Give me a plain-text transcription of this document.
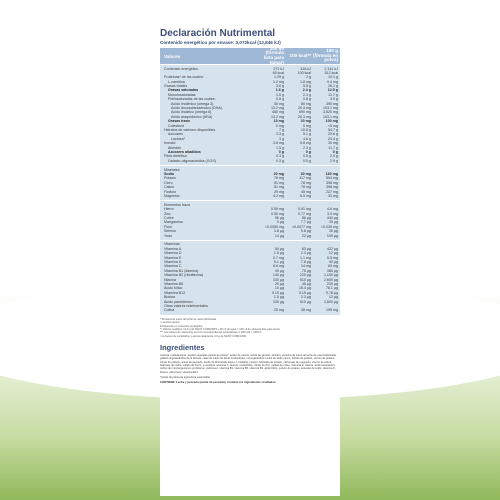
Declaración Nutrimental
Contenido energético por envase: 3,072kcal (12,846 kJ)
Valores
100 ml (fórmula lista para tomar)
100 kcal**
100 g (fórmula en polvo)
Contenido energético	272 kJ	418 kJ	2,141 kJ
65 kcal	100 kcal	512 kcal
Proteínas* de las cuales:	1.29 g	2 g	10.1 g
L-carnitina	1.2 mg	1.8 mg	9.4 mg
Grasas totales	3.6 g	5.5 g	28.1 g
Grasas saturadas	1.6 g	2.4 g	12.5 g
Monoinsaturadas	1.5 g	2.3 g	11.7 g
Poliinsaturadas de las cuales:	0.5 g	0.8 g	3.9 g
Ácido linolénico (omega 3)	50 mg	80 mg	390 mg
Ácido docosahexaenoico (DHA)	13.2 mg	20.3 mg	103.1 mg
Ácido linoleico (omega 6)	450 mg	690 mg	3,520 mg
Ácido araquidónico (ARA)	13.2 mg	20.3 mg	103.1 mg
Grasas trans	15 mg	20 mg	100 mg
Colesterol	0 mg	0 mg	<5 mg
Hidratos de carbono disponibles	7 g	10.8 g	54.7 g
Azúcares	3.3 g	5.1 g	25.6 g
Lactosa¹	3 g	4.6 g	23.4 g
Inositol	3.8 mg	5.8 mg	30 mg
Almidón	1.5 g	2.3 g	11.7 g
Azúcares añadidos	0 g	0 g	0 g
Fibra dietética	0.3 g	0.5 g	2.9 g
Galacto-oligosacáridos (GOS)	0.3 g	0.5 g	2.9 g
Minerales
Sodio	20 mg	30 mg	160 mg
Potasio	76 mg	117 mg	594 mg
Cloro	51 mg	78 mg	398 mg
Calcio	51 mg	78 mg	398 mg
Fósforo	29 mg	45 mg	227 mg
Magnesio	4.2 mg	6.5 mg	33 mg
Elementos traza
Hierro	0.59 mg	0.91 mg	4.6 mg
Zinc	0.50 mg	0.77 mg	3.9 mg
Cobre	56 µg	86 µg	440 µg
Manganeso	5 µg	7.7 µg	39 µg
Flúor	<0.0050 mg	<0.0077 mg	<0.039 mg
Selenio	3.8 µg	5.8 µg	30 µg
Yodo	14 µg	22 µg	109 µg
Vitaminas
Vitamina A	54 µg	83 µg	422 µg
Vitamina D	1.5 µg	2.3 µg	12 µg
Vitamina E	0.7 mg	1.1 mg	5.5 mg
Vitamina K	5.1 µg	7.8 µg	40 µg
Vitamina C	8.8 mg	14 mg	69 mg
Vitamina B1 (tiamina)	49 µg	75 µg	380 µg
Vitamina B2 (riboflavina)	140 µg	220 µg	1,100 µg
Niacina	330 µg	510 µg	2,600 µg
Vitamina B6	29 µg	45 µg	230 µg
Ácido fólico	10 µg	15.4 µg	78.1 µg
Vitamina B12	0.10 µg	0.15 µg	0.78 µg
Biotina	1.5 µg	2.3 µg	12 µg
Ácido pantoténico	330 µg	510 µg	2,600 µg
Otros valores nutrimentales
Colina	25 mg	38 mg	195 mg
* Proteína de suero de leche de vaca hidrolizada
¹ Lactosa natural
Enriquecido en nutrientes protegidos
** Valores medidos: 12.9 g de NAN® COMFORIS + 90 ml de agua = 100 ml de alimento listo para tomar
*** Los valores de referencia son los correspondientes equivalentes a 100 kcal = 418 kJ
¹ La fuente de nucleótidos y aproximadamente 4.9 g de NAN® COMFORIS
Ingredientes
Lactosa, maltodextrina, aceites vegetales (aceite de palma*, aceite de canola, aceite de girasol), almidón, proteína de suero de leche de vaca hidrolizada, galacto-oligosacáridos de la lactosa, sales de calcio de ácido ortofosfórico, monoglicéridos mixtos de ácido cítrico, fosfato de potasio, cloruro de potasio, citrato de potasio, aceite de pescado, aceite de Mortierella alpina, L-histidina, inositol, hidróxido de potasio, carbonato de magnesio, cloruro de colina, bitartrato de colina, sulfato de hierro, L-carnitina, vitamina C, taurina, nucleótidos, citrato de zinc, sulfato de cobre, vitamina E, niacina, ácido pantoténico, cultivo de microorganismos probióticos, vitamina A, vitamina B1, vitamina B6, vitamina B2, ácido fólico, yoduro de potasio, selenato de sodio, vitamina K, biotina, vitamina D, vitamina B12.
*Aceite de palma de agricultura sustentable.
CONTIENE: Leche y pescado (aceite de pescado), contiene los ingredientes resaltados.
